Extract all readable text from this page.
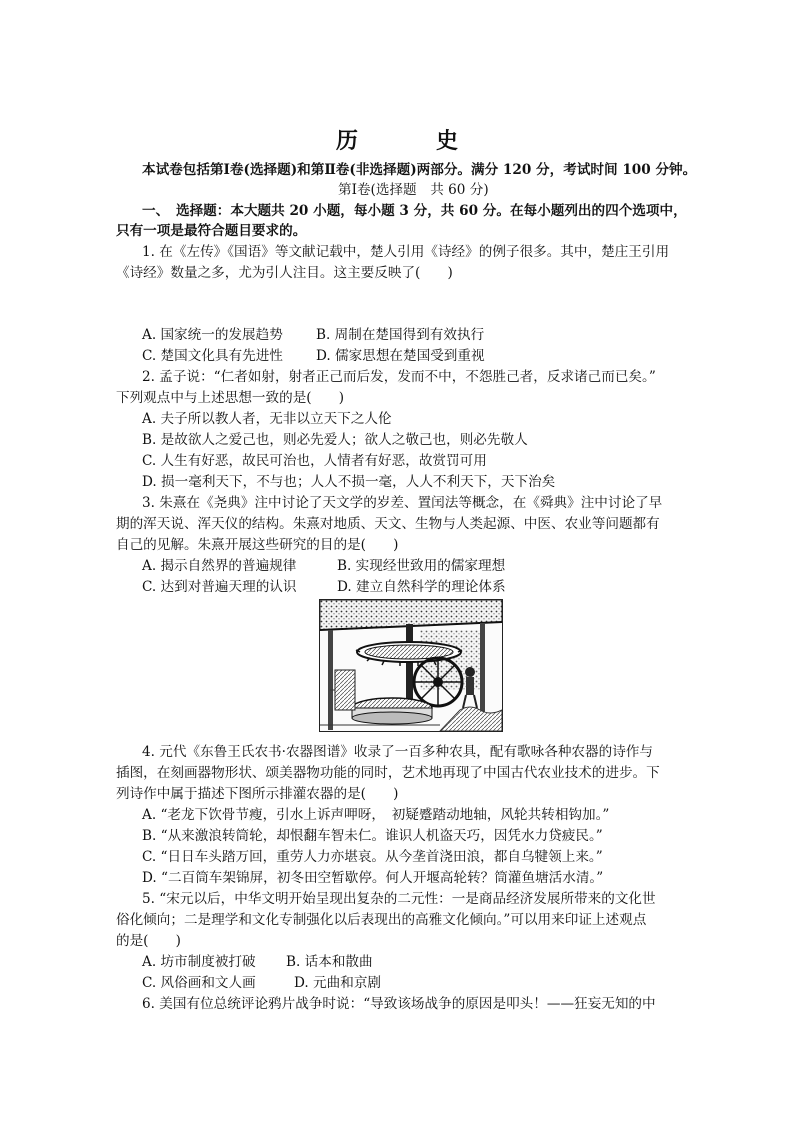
历　史
本试卷包括第Ⅰ卷(选择题)和第Ⅱ卷(非选择题)两部分。满分 120 分，考试时间 100 分钟。
第Ⅰ卷(选择题　共 60 分)
一、　选择题：本大题共 20 小题，每小题 3 分，共 60 分。在每小题列出的四个选项中，
只有一项是最符合题目要求的。
1. 在《左传》《国语》等文献记载中，楚人引用《诗经》的例子很多。其中，楚庄王引用
《诗经》数量之多，尤为引人注目。这主要反映了(　　)
A. 国家统一的发展趋势 B. 周制在楚国得到有效执行
C. 楚国文化具有先进性 D. 儒家思想在楚国受到重视
2. 孟子说：“仁者如射，射者正己而后发，发而不中，不怨胜己者，反求诸己而已矣。”
下列观点中与上述思想一致的是(　　)
A. 夫子所以教人者，无非以立天下之人伦
B. 是故欲人之爱己也，则必先爱人；欲人之敬己也，则必先敬人
C. 人生有好恶，故民可治也，人情者有好恶，故赏罚可用
D. 损一毫利天下，不与也；人人不损一毫，人人不利天下，天下治矣
3. 朱熹在《尧典》注中讨论了天文学的岁差、置闰法等概念，在《舜典》注中讨论了早
期的浑天说、浑天仪的结构。朱熹对地质、天文、生物与人类起源、中医、农业等问题都有
自己的见解。朱熹开展这些研究的目的是(　　)
A. 揭示自然界的普遍规律	B. 实现经世致用的儒家理想
C. 达到对普遍天理的认识	D. 建立自然科学的理论体系
4. 元代《东鲁王氏农书·农器图谱》收录了一百多种农具，配有歌咏各种农器的诗作与
插图，在刻画器物形状、颂美器物功能的同时，艺术地再现了中国古代农业技术的进步。下
列诗作中属于描述下图所示排灌农器的是(　　)
A. “老龙下饮骨节瘦，引水上诉声呷呀，　初疑蹙踏动地轴，风轮共转相钩加。”
B. “从来激浪转筒轮，却恨翻车智未仁。谁识人机盗天巧，因凭水力贷疲民。”
C. “日日车头踏万回，重劳人力亦堪哀。从今垄首浇田浪，都自乌犍领上来。”
D. “二百筒车架锦屏，初冬田空暂歇停。何人开堰高轮转？筒灌鱼塘活水清。”
5. “宋元以后，中华文明开始呈现出复杂的二元性：一是商品经济发展所带来的文化世
俗化倾向；二是理学和文化专制强化以后表现出的高雅文化倾向。”可以用来印证上述观点
的是(　　)
A. 坊市制度被打破 B. 话本和散曲
C. 风俗画和文人画	D. 元曲和京剧
6. 美国有位总统评论鸦片战争时说：“导致该场战争的原因是叩头！——狂妄无知的中
